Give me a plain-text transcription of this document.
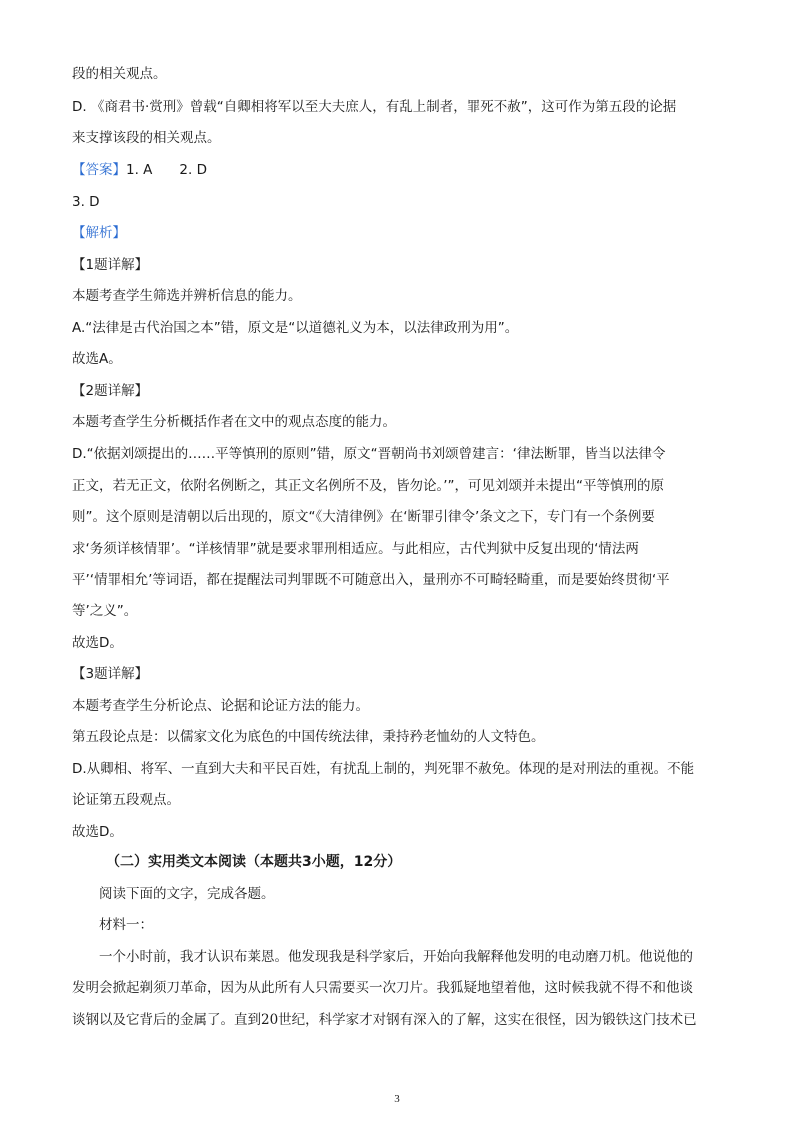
段的相关观点。
D. 《商君书·赏刑》曾载“自卿相将军以至大夫庶人，有乱上制者，罪死不赦”，这可作为第五段的论据
来支撑该段的相关观点。
【答案】1. A　　2. D
3. D
【解析】
【1题详解】
本题考查学生筛选并辨析信息的能力。
A.“法律是古代治国之本”错，原文是“以道德礼义为本，以法律政刑为用”。
故选A。
【2题详解】
本题考查学生分析概括作者在文中的观点态度的能力。
D.“依据刘颂提出的……平等慎刑的原则”错，原文“晋朝尚书刘颂曾建言：‘律法断罪，皆当以法律令
正文，若无正文，依附名例断之，其正文名例所不及，皆勿论。’”，可见刘颂并未提出“平等慎刑的原
则”。这个原则是清朝以后出现的，原文“《大清律例》在‘断罪引律令’条文之下，专门有一个条例要
求‘务须详核情罪’。“详核情罪”就是要求罪刑相适应。与此相应，古代判狱中反复出现的‘情法两
平’‘情罪相允’等词语，都在提醒法司判罪既不可随意出入，量刑亦不可畸轻畸重，而是要始终贯彻‘平
等’之义”。
故选D。
【3题详解】
本题考查学生分析论点、论据和论证方法的能力。
第五段论点是：以儒家文化为底色的中国传统法律，秉持矜老恤幼的人文特色。
D.从卿相、将军、一直到大夫和平民百姓，有扰乱上制的，判死罪不赦免。体现的是对刑法的重视。不能
论证第五段观点。
故选D。
（二）实用类文本阅读（本题共3小题，12分）
阅读下面的文字，完成各题。
材料一：
一个小时前，我才认识布莱恩。他发现我是科学家后，开始向我解释他发明的电动磨刀机。他说他的
发明会掀起剃须刀革命，因为从此所有人只需要买一次刀片。我狐疑地望着他，这时候我就不得不和他谈
谈钢以及它背后的金属了。直到20世纪，科学家才对钢有深入的了解，这实在很怪，因为锻铁这门技术已
3
